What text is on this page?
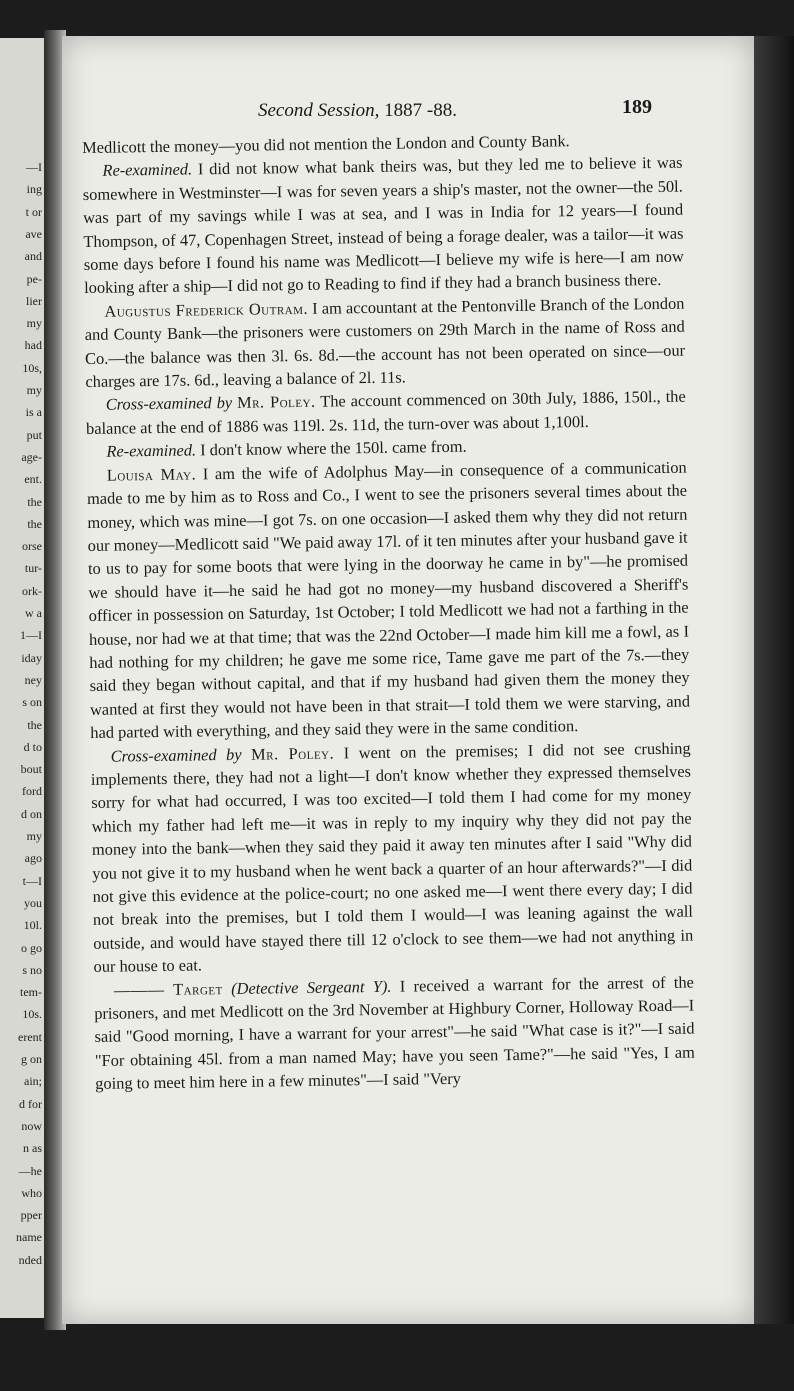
—I
ing
t or
ave
and
pe-
lier
my
had
10s,
my
is a
put
age-
ent.
the
the
orse
tur-
ork-
w a
1—I
iday
ney
s on
the
d to
bout
ford
d on
my
ago
t—I
you
10l.
o go
s no
tem-
10s.
erent
g on
ain;
d for
now
n as
—he
who
pper
name
nded
Second Session, 1887 -88.	189

Medlicott the money—you did not mention the London and County Bank.

Re-examined. I did not know what bank theirs was, but they led me to believe it was somewhere in Westminster—I was for seven years a ship's master, not the owner—the 50l. was part of my savings while I was at sea, and I was in India for 12 years—I found Thompson, of 47, Copenhagen Street, instead of being a forage dealer, was a tailor—it was some days before I found his name was Medlicott—I believe my wife is here—I am now looking after a ship—I did not go to Reading to find if they had a branch business there.

Augustus Frederick Outram. I am accountant at the Pentonville Branch of the London and County Bank—the prisoners were customers on 29th March in the name of Ross and Co.—the balance was then 3l. 6s. 8d.—the account has not been operated on since—our charges are 17s. 6d., leaving a balance of 2l. 11s.

Cross-examined by Mr. Poley. The account commenced on 30th July, 1886, 150l., the balance at the end of 1886 was 119l. 2s. 11d, the turn-over was about 1,100l.

Re-examined. I don't know where the 150l. came from.

Louisa May. I am the wife of Adolphus May—in consequence of a communication made to me by him as to Ross and Co., I went to see the prisoners several times about the money, which was mine—I got 7s. on one occasion—I asked them why they did not return our money—Medlicott said "We paid away 17l. of it ten minutes after your husband gave it to us to pay for some boots that were lying in the doorway he came in by"—he promised we should have it—he said he had got no money—my husband discovered a Sheriff's officer in possession on Saturday, 1st October; I told Medlicott we had not a farthing in the house, nor had we at that time; that was the 22nd October—I made him kill me a fowl, as I had nothing for my children; he gave me some rice, Tame gave me part of the 7s.—they said they began without capital, and that if my husband had given them the money they wanted at first they would not have been in that strait—I told them we were starving, and had parted with everything, and they said they were in the same condition.

Cross-examined by Mr. Poley. I went on the premises; I did not see crushing implements there, they had not a light—I don't know whether they expressed themselves sorry for what had occurred, I was too excited—I told them I had come for my money which my father had left me—it was in reply to my inquiry why they did not pay the money into the bank—when they said they paid it away ten minutes after I said "Why did you not give it to my husband when he went back a quarter of an hour afterwards?"—I did not give this evidence at the police-court; no one asked me—I went there every day; I did not break into the premises, but I told them I would—I was leaning against the wall outside, and would have stayed there till 12 o'clock to see them—we had not anything in our house to eat.

——— Target (Detective Sergeant Y). I received a warrant for the arrest of the prisoners, and met Medlicott on the 3rd November at Highbury Corner, Holloway Road—I said "Good morning, I have a warrant for your arrest"—he said "What case is it?"—I said "For obtaining 45l. from a man named May; have you seen Tame?"—he said "Yes, I am going to meet him here in a few minutes"—I said "Very
